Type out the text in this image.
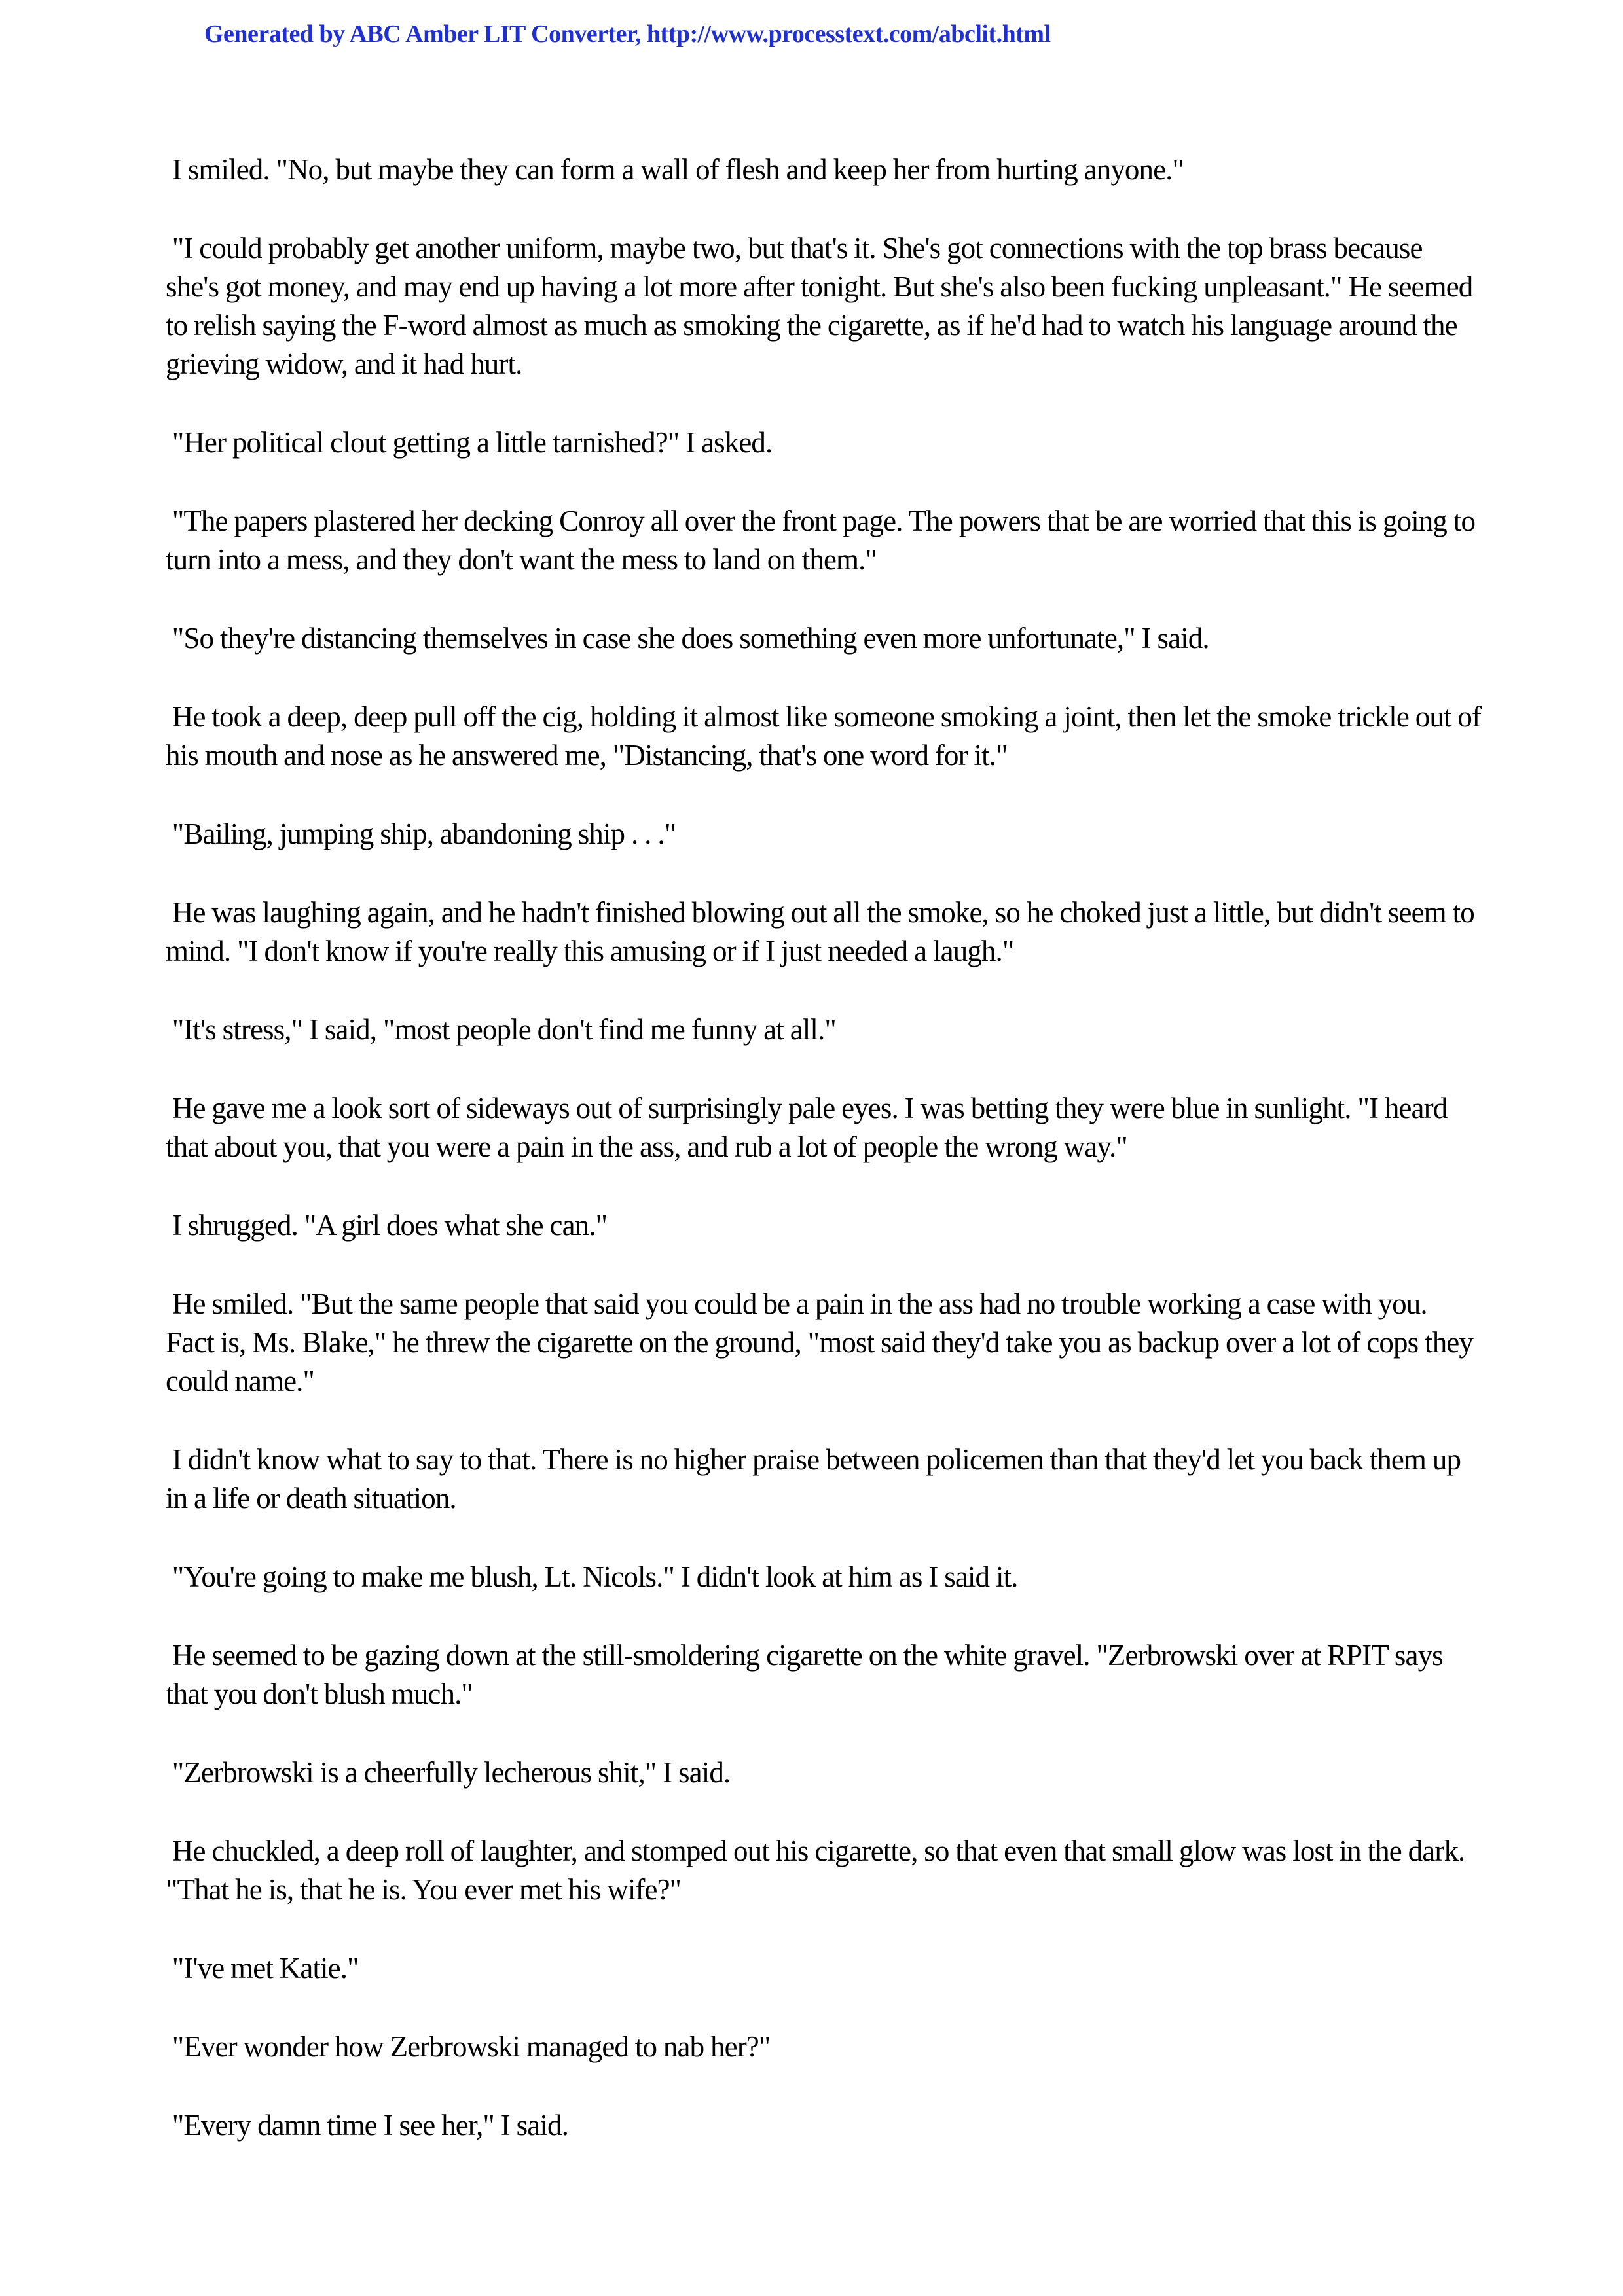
Generated by ABC Amber LIT Converter, http://www.processtext.com/abclit.html

I smiled. "No, but maybe they can form a wall of flesh and keep her from hurting anyone."

"I could probably get another uniform, maybe two, but that's it. She's got connections with the top brass because she's got money, and may end up having a lot more after tonight. But she's also been fucking unpleasant." He seemed to relish saying the F-word almost as much as smoking the cigarette, as if he'd had to watch his language around the grieving widow, and it had hurt.

"Her political clout getting a little tarnished?" I asked.

"The papers plastered her decking Conroy all over the front page. The powers that be are worried that this is going to turn into a mess, and they don't want the mess to land on them."

"So they're distancing themselves in case she does something even more unfortunate," I said.

He took a deep, deep pull off the cig, holding it almost like someone smoking a joint, then let the smoke trickle out of his mouth and nose as he answered me, "Distancing, that's one word for it."

"Bailing, jumping ship, abandoning ship . . ."

He was laughing again, and he hadn't finished blowing out all the smoke, so he choked just a little, but didn't seem to mind. "I don't know if you're really this amusing or if I just needed a laugh."

"It's stress," I said, "most people don't find me funny at all."

He gave me a look sort of sideways out of surprisingly pale eyes. I was betting they were blue in sunlight. "I heard that about you, that you were a pain in the ass, and rub a lot of people the wrong way."

I shrugged. "A girl does what she can."

He smiled. "But the same people that said you could be a pain in the ass had no trouble working a case with you. Fact is, Ms. Blake," he threw the cigarette on the ground, "most said they'd take you as backup over a lot of cops they could name."

I didn't know what to say to that. There is no higher praise between policemen than that they'd let you back them up in a life or death situation.

"You're going to make me blush, Lt. Nicols." I didn't look at him as I said it.

He seemed to be gazing down at the still-smoldering cigarette on the white gravel. "Zerbrowski over at RPIT says that you don't blush much."

"Zerbrowski is a cheerfully lecherous shit," I said.

He chuckled, a deep roll of laughter, and stomped out his cigarette, so that even that small glow was lost in the dark. "That he is, that he is. You ever met his wife?"

"I've met Katie."

"Ever wonder how Zerbrowski managed to nab her?"

"Every damn time I see her," I said.
